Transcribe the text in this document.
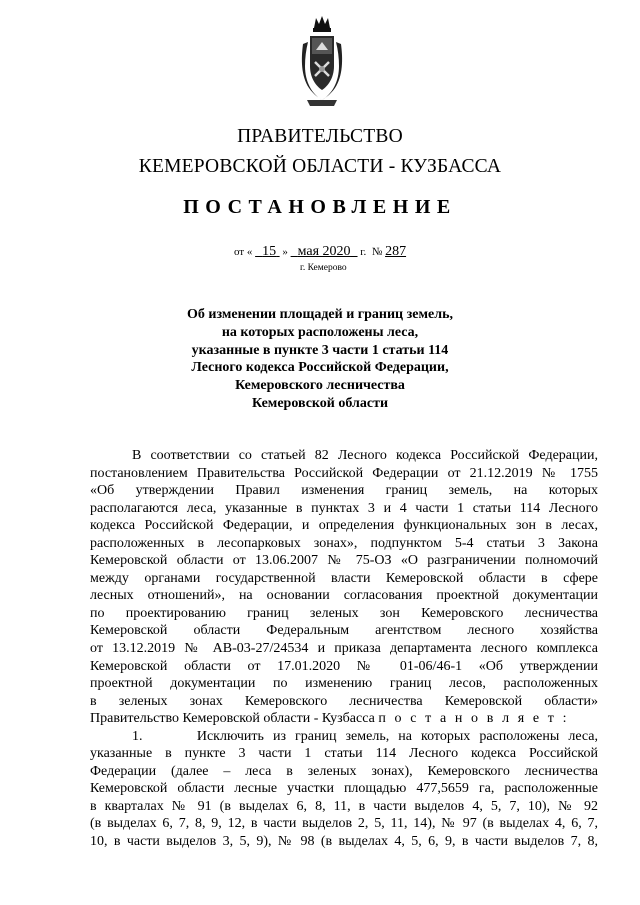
ПРАВИТЕЛЬСТВО
КЕМЕРОВСКОЙ ОБЛАСТИ - КУЗБАССА
ПОСТАНОВЛЕНИЕ
от « 15 » мая 2020 г. № 287
г. Кемерово
Об изменении площадей и границ земель,
на которых расположены леса,
указанные в пункте 3 части 1 статьи 114
Лесного кодекса Российской Федерации,
Кемеровского лесничества
Кемеровской области
В соответствии со статьей 82 Лесного кодекса Российской Федерации,
постановлением Правительства Российской Федерации от 21.12.2019 № 1755
«Об утверждении Правил изменения границ земель, на которых
располагаются леса, указанные в пунктах 3 и 4 части 1 статьи 114 Лесного
кодекса Российской Федерации, и определения функциональных зон в лесах,
расположенных в лесопарковых зонах», подпунктом 5-4 статьи 3 Закона
Кемеровской области от 13.06.2007 № 75-ОЗ «О разграничении полномочий
между органами государственной власти Кемеровской области в сфере
лесных отношений», на основании согласования проектной документации
по проектированию границ зеленых зон Кемеровского лесничества
Кемеровской области Федеральным агентством лесного хозяйства
от 13.12.2019 № АВ-03-27/24534 и приказа департамента лесного комплекса
Кемеровской области от 17.01.2020 № 01-06/46-1 «Об утверждении
проектной документации по изменению границ лесов, расположенных
в зеленых зонах Кемеровского лесничества Кемеровской области»
Правительство Кемеровской области - Кузбасса п о с т а н о в л я е т :
1.	Исключить из границ земель, на которых расположены леса,
указанные в пункте 3 части 1 статьи 114 Лесного кодекса Российской
Федерации (далее – леса в зеленых зонах), Кемеровского лесничества
Кемеровской области лесные участки площадью 477,5659 га, расположенные
в кварталах № 91 (в выделах 6, 8, 11, в части выделов 4, 5, 7, 10), № 92
(в выделах 6, 7, 8, 9, 12, в части выделов 2, 5, 11, 14), № 97 (в выделах 4, 6, 7,
10, в части выделов 3, 5, 9), № 98 (в выделах 4, 5, 6, 9, в части выделов 7, 8,
